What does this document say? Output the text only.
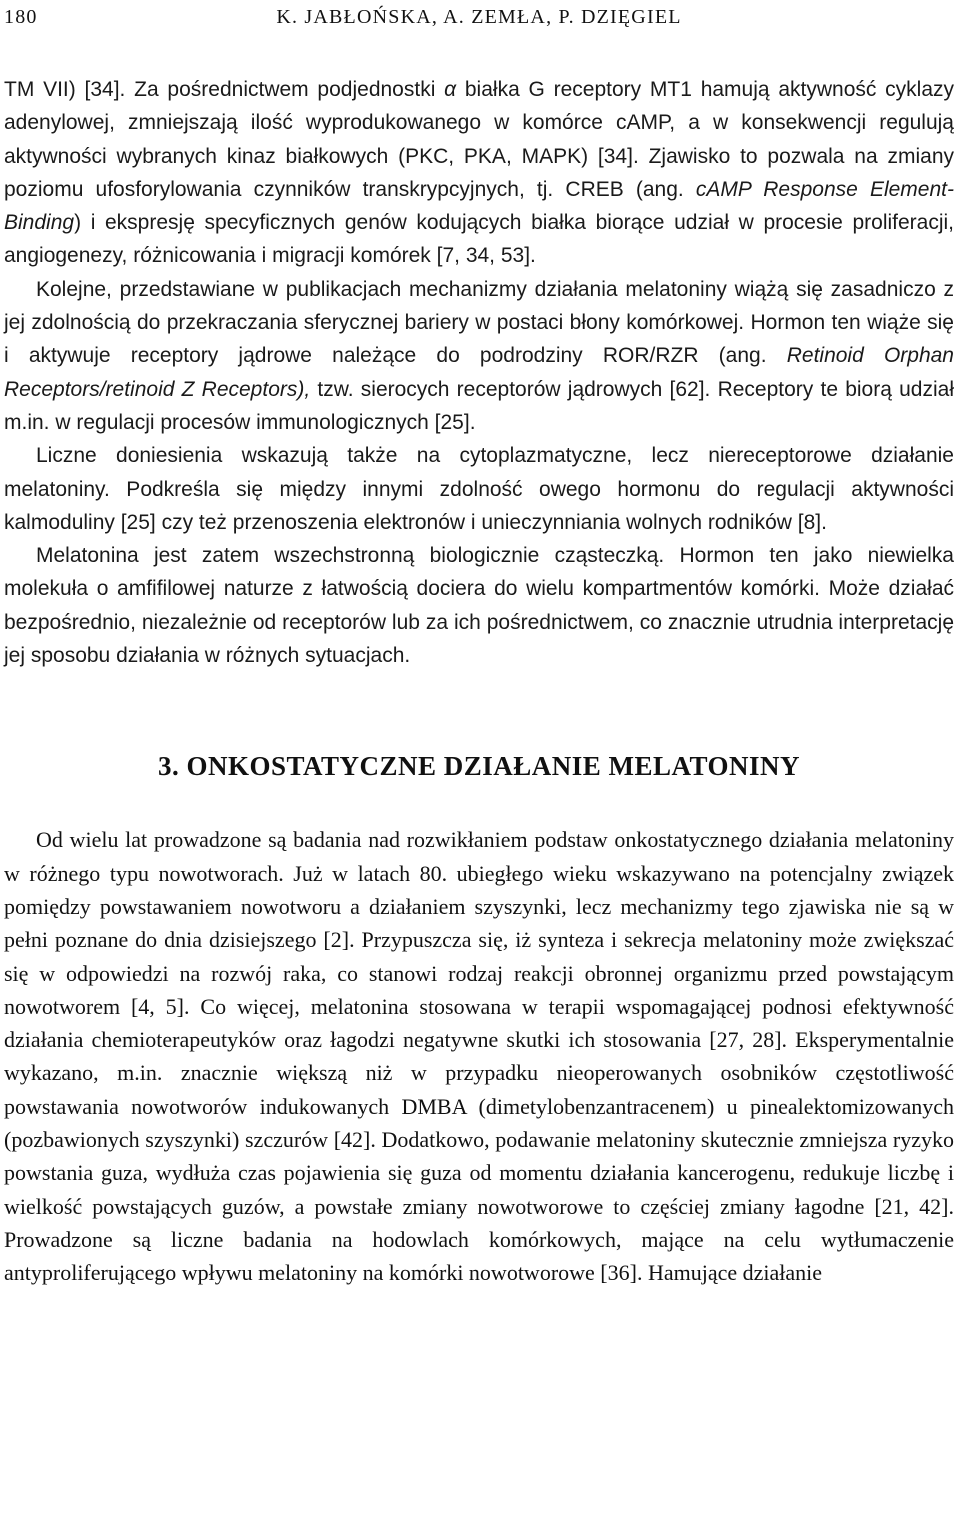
180	K. JABŁOŃSKA, A. ZEMŁA, P. DZIĘGIEL

TM VII) [34]. Za pośrednictwem podjednostki α białka G receptory MT1 hamują aktywność cyklazy adenylowej, zmniejszają ilość wyprodukowanego w komórce cAMP, a w konsekwencji regulują aktywności wybranych kinaz białkowych (PKC, PKA, MAPK) [34]. Zjawisko to pozwala na zmiany poziomu ufosforylowania czynników transkrypcyjnych, tj. CREB (ang. cAMP Response Element-Binding) i ekspresję specyficznych genów kodujących białka biorące udział w procesie proliferacji, angiogenezy, różnicowania i migracji komórek [7, 34, 53].

Kolejne, przedstawiane w publikacjach mechanizmy działania melatoniny wiążą się zasadniczo z jej zdolnością do przekraczania sferycznej bariery w postaci błony komórkowej. Hormon ten wiąże się i aktywuje receptory jądrowe należące do podrodziny ROR/RZR (ang. Retinoid Orphan Receptors/retinoid Z Receptors), tzw. sierocych receptorów jądrowych [62]. Receptory te biorą udział m.in. w regulacji procesów immunologicznych [25].

Liczne doniesienia wskazują także na cytoplazmatyczne, lecz niereceptorowe działanie melatoniny. Podkreśla się między innymi zdolność owego hormonu do regulacji aktywności kalmoduliny [25] czy też przenoszenia elektronów i unieczynniania wolnych rodników [8].

Melatonina jest zatem wszechstronną biologicznie cząsteczką. Hormon ten jako niewielka molekuła o amfifilowej naturze z łatwością dociera do wielu kompartmentów komórki. Może działać bezpośrednio, niezależnie od receptorów lub za ich pośrednictwem, co znacznie utrudnia interpretację jej sposobu działania w różnych sytuacjach.

3. ONKOSTATYCZNE DZIAŁANIE MELATONINY

Od wielu lat prowadzone są badania nad rozwikłaniem podstaw onkostatycznego działania melatoniny w różnego typu nowotworach. Już w latach 80. ubiegłego wieku wskazywano na potencjalny związek pomiędzy powstawaniem nowotworu a działaniem szyszynki, lecz mechanizmy tego zjawiska nie są w pełni poznane do dnia dzisiejszego [2]. Przypuszcza się, iż synteza i sekrecja melatoniny może zwiększać się w odpowiedzi na rozwój raka, co stanowi rodzaj reakcji obronnej organizmu przed powstającym nowotworem [4, 5]. Co więcej, melatonina stosowana w terapii wspomagającej podnosi efektywność działania chemioterapeutyków oraz łagodzi negatywne skutki ich stosowania [27, 28]. Eksperymentalnie wykazano, m.in. znacznie większą niż w przypadku nieoperowanych osobników częstotliwość powstawania nowotworów indukowanych DMBA (dimetylobenzantracenem) u pinealektomizowanych (pozbawionych szyszynki) szczurów [42]. Dodatkowo, podawanie melatoniny skutecznie zmniejsza ryzyko powstania guza, wydłuża czas pojawienia się guza od momentu działania kancerogenu, redukuje liczbę i wielkość powstających guzów, a powstałe zmiany nowotworowe to częściej zmiany łagodne [21, 42]. Prowadzone są liczne badania na hodowlach komórkowych, mające na celu wytłumaczenie antyproliferującego wpływu melatoniny na komórki nowotworowe [36]. Hamujące działanie
